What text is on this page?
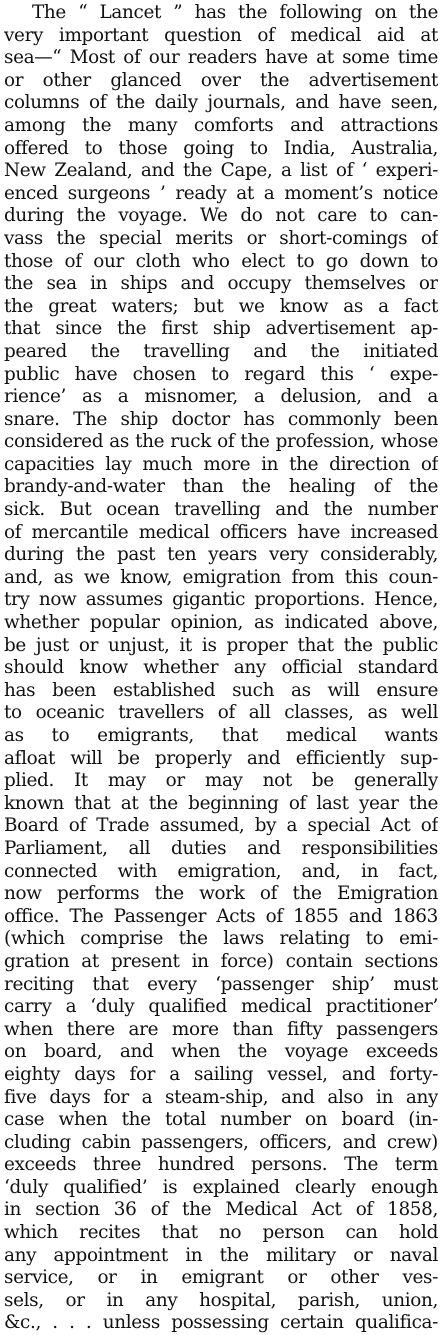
The “ Lancet ” has the following on the
very important question of medical aid at
sea—“ Most of our readers have at some time
or other glanced over the advertisement
columns of the daily journals, and have seen,
among the many comforts and attractions
offered to those going to India, Australia,
New Zealand, and the Cape, a list of ‘ experi-
enced surgeons ’ ready at a moment’s notice
during the voyage. We do not care to can-
vass the special merits or short-comings of
those of our cloth who elect to go down to
the sea in ships and occupy themselves or
the great waters; but we know as a fact
that since the first ship advertisement ap-
peared the travelling and the initiated
public have chosen to regard this ‘ expe-
rience’ as a misnomer, a delusion, and a
snare. The ship doctor has commonly been
considered as the ruck of the profession, whose
capacities lay much more in the direction of
brandy-and-water than the healing of the
sick. But ocean travelling and the number
of mercantile medical officers have increased
during the past ten years very considerably,
and, as we know, emigration from this coun-
try now assumes gigantic proportions. Hence,
whether popular opinion, as indicated above,
be just or unjust, it is proper that the public
should know whether any official standard
has been established such as will ensure
to oceanic travellers of all classes, as well
as to emigrants, that medical wants
afloat will be properly and efficiently sup-
plied. It may or may not be generally
known that at the beginning of last year the
Board of Trade assumed, by a special Act of
Parliament, all duties and responsibilities
connected with emigration, and, in fact,
now performs the work of the Emigration
office. The Passenger Acts of 1855 and 1863
(which comprise the laws relating to emi-
gration at present in force) contain sections
reciting that every ‘passenger ship’ must
carry a ‘duly qualified medical practitioner’
when there are more than fifty passengers
on board, and when the voyage exceeds
eighty days for a sailing vessel, and forty-
five days for a steam-ship, and also in any
case when the total number on board (in-
cluding cabin passengers, officers, and crew)
exceeds three hundred persons. The term
‘duly qualified’ is explained clearly enough
in section 36 of the Medical Act of 1858,
which recites that no person can hold
any appointment in the military or naval
service, or in emigrant or other ves-
sels, or in any hospital, parish, union,
&c., . . . unless possessing certain qualifica-
